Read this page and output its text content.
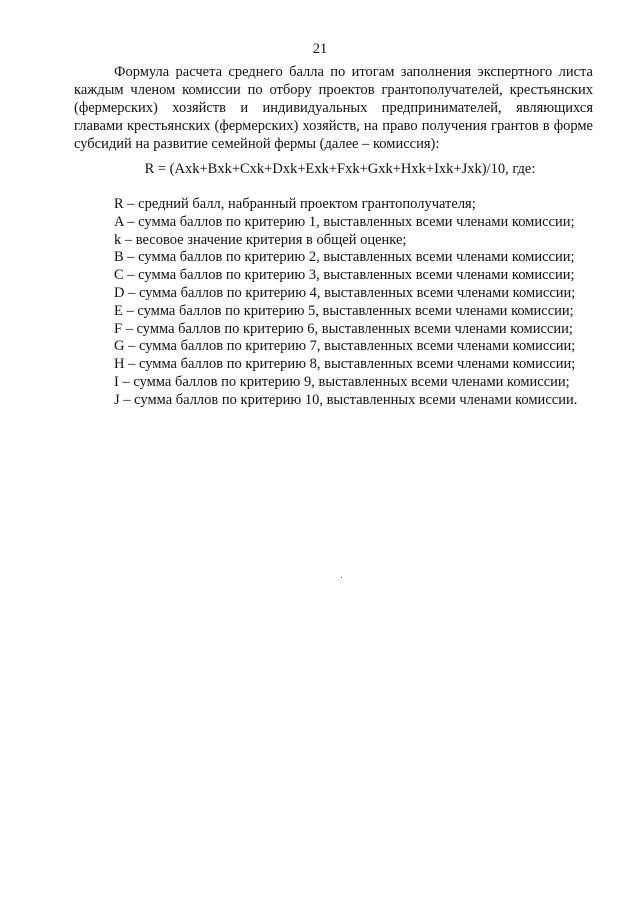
21
Формула расчета среднего балла по итогам заполнения экспертного листа
каждым членом комиссии по отбору проектов грантополучателей, крестьянских
(фермерских) хозяйств и индивидуальных предпринимателей, являющихся
главами крестьянских (фермерских) хозяйств, на право получения грантов в форме
субсидий на развитие семейной фермы (далее – комиссия):
R = (Axk+Bxk+Cxk+Dxk+Exk+Fxk+Gxk+Hxk+Ixk+Jxk)/10, где:
R – средний балл, набранный проектом грантополучателя;
A – сумма баллов по критерию 1, выставленных всеми членами комиссии;
k – весовое значение критерия в общей оценке;
B – сумма баллов по критерию 2, выставленных всеми членами комиссии;
C – сумма баллов по критерию 3, выставленных всеми членами комиссии;
D – сумма баллов по критерию 4, выставленных всеми членами комиссии;
E – сумма баллов по критерию 5, выставленных всеми членами комиссии;
F – сумма баллов по критерию 6, выставленных всеми членами комиссии;
G – сумма баллов по критерию 7, выставленных всеми членами комиссии;
H – сумма баллов по критерию 8, выставленных всеми членами комиссии;
I – сумма баллов по критерию 9, выставленных всеми членами комиссии;
J – сумма баллов по критерию 10, выставленных всеми членами комиссии.
